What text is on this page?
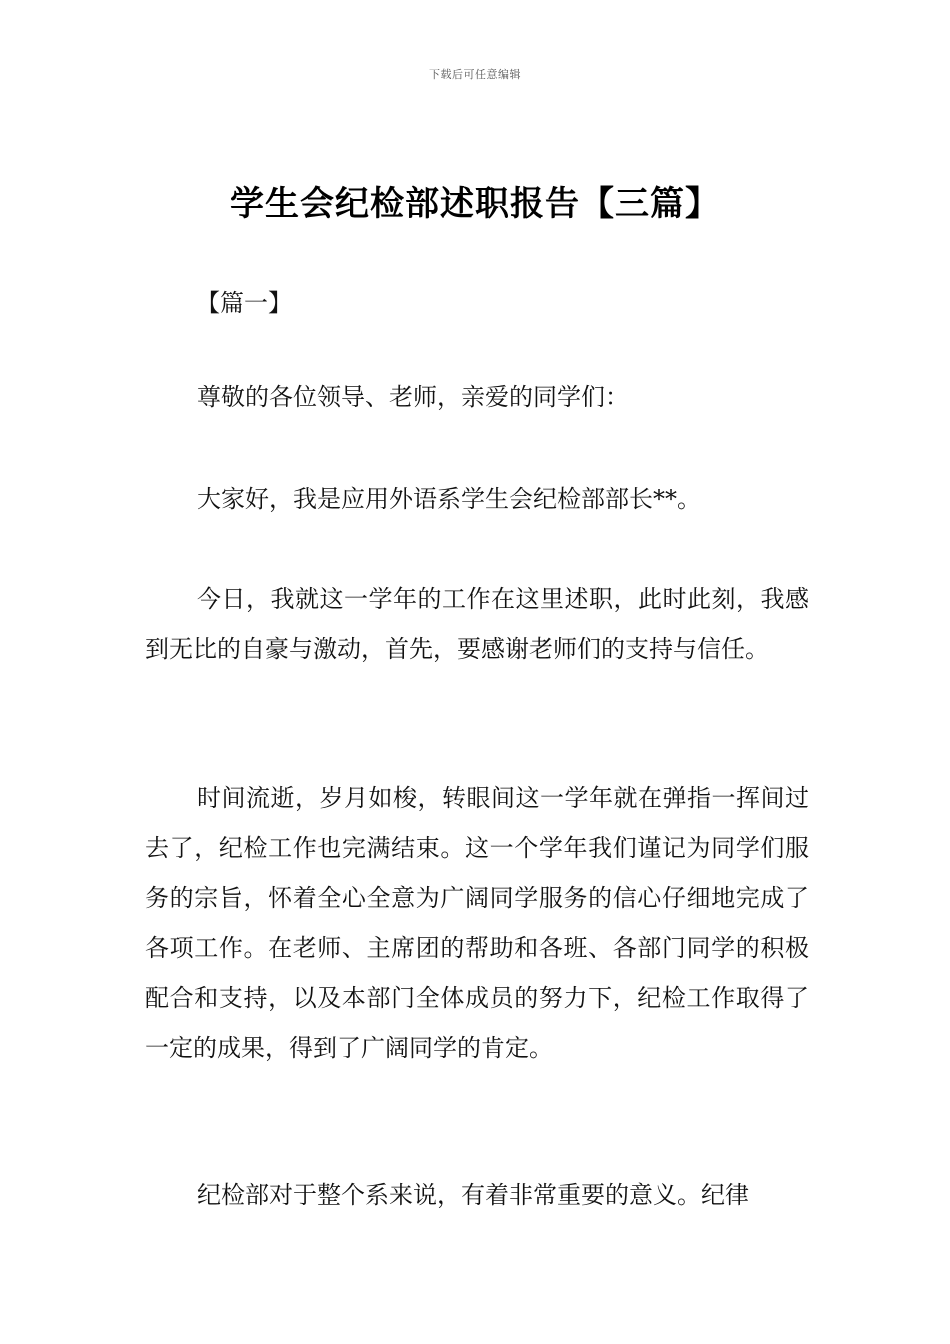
下载后可任意编辑
学生会纪检部述职报告【三篇】

【篇一】

尊敬的各位领导、老师，亲爱的同学们：

大家好，我是应用外语系学生会纪检部部长**。

今日，我就这一学年的工作在这里述职，此时此刻，我感到无比的自豪与激动，首先，要感谢老师们的支持与信任。

时间流逝，岁月如梭，转眼间这一学年就在弹指一挥间过去了，纪检工作也完满结束。这一个学年我们谨记为同学们服务的宗旨，怀着全心全意为广阔同学服务的信心仔细地完成了各项工作。在老师、主席团的帮助和各班、各部门同学的积极配合和支持，以及本部门全体成员的努力下，纪检工作取得了一定的成果，得到了广阔同学的肯定。

纪检部对于整个系来说，有着非常重要的意义。纪律
